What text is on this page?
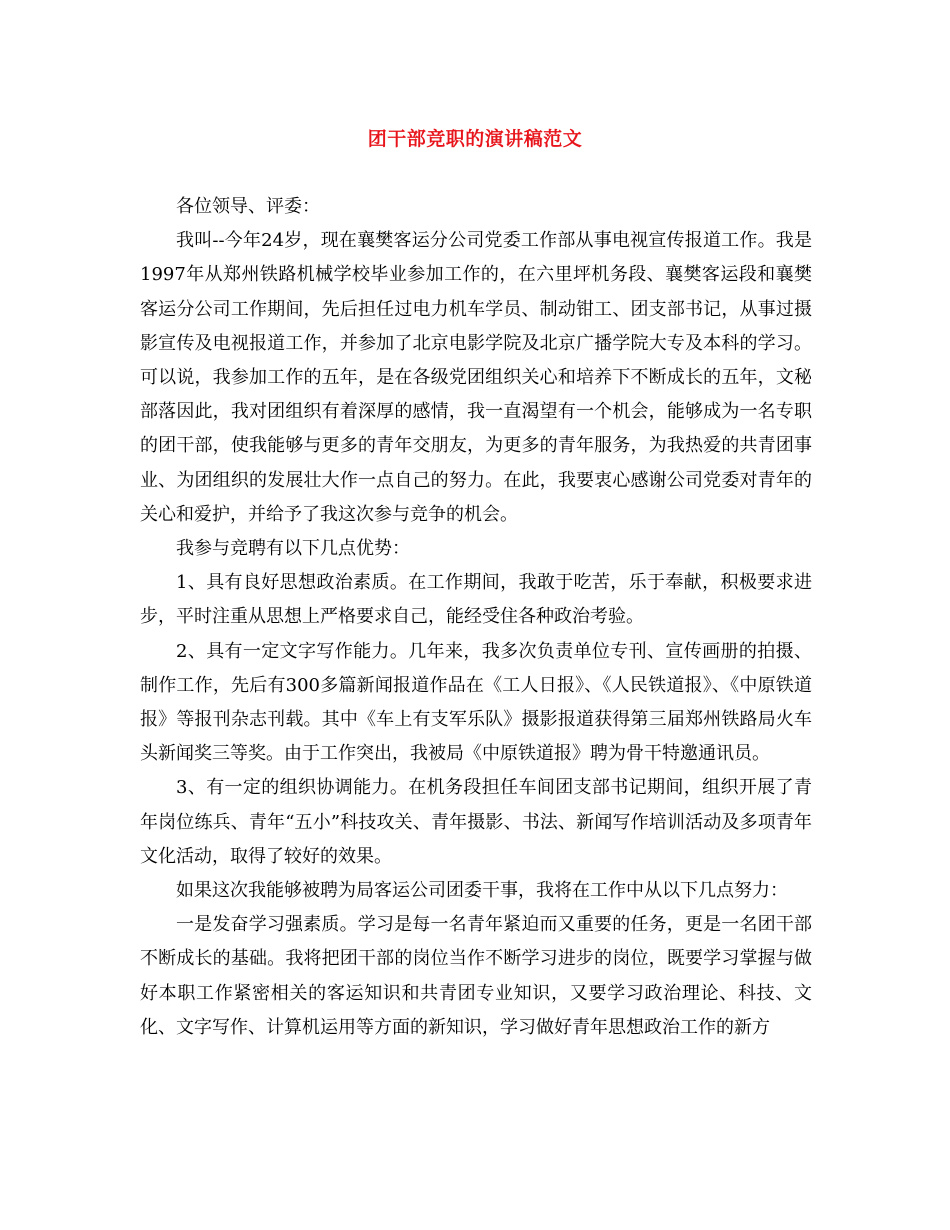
团干部竞职的演讲稿范文

各位领导、评委：

我叫--今年24岁，现在襄樊客运分公司党委工作部从事电视宣传报道工作。我是1997年从郑州铁路机械学校毕业参加工作的，在六里坪机务段、襄樊客运段和襄樊客运分公司工作期间，先后担任过电力机车学员、制动钳工、团支部书记，从事过摄影宣传及电视报道工作，并参加了北京电影学院及北京广播学院大专及本科的学习。可以说，我参加工作的五年，是在各级党团组织关心和培养下不断成长的五年，文秘部落因此，我对团组织有着深厚的感情，我一直渴望有一个机会，能够成为一名专职的团干部，使我能够与更多的青年交朋友，为更多的青年服务，为我热爱的共青团事业、为团组织的发展壮大作一点自己的努力。在此，我要衷心感谢公司党委对青年的关心和爱护，并给予了我这次参与竞争的机会。

我参与竞聘有以下几点优势：

1、具有良好思想政治素质。在工作期间，我敢于吃苦，乐于奉献，积极要求进步，平时注重从思想上严格要求自己，能经受住各种政治考验。

2、具有一定文字写作能力。几年来，我多次负责单位专刊、宣传画册的拍摄、制作工作，先后有300多篇新闻报道作品在《工人日报》、《人民铁道报》、《中原铁道报》等报刊杂志刊载。其中《车上有支军乐队》摄影报道获得第三届郑州铁路局火车头新闻奖三等奖。由于工作突出，我被局《中原铁道报》聘为骨干特邀通讯员。

3、有一定的组织协调能力。在机务段担任车间团支部书记期间，组织开展了青年岗位练兵、青年“五小”科技攻关、青年摄影、书法、新闻写作培训活动及多项青年文化活动，取得了较好的效果。

如果这次我能够被聘为局客运公司团委干事，我将在工作中从以下几点努力：

一是发奋学习强素质。学习是每一名青年紧迫而又重要的任务，更是一名团干部不断成长的基础。我将把团干部的岗位当作不断学习进步的岗位，既要学习掌握与做好本职工作紧密相关的客运知识和共青团专业知识，又要学习政治理论、科技、文化、文字写作、计算机运用等方面的新知识，学习做好青年思想政治工作的新方
